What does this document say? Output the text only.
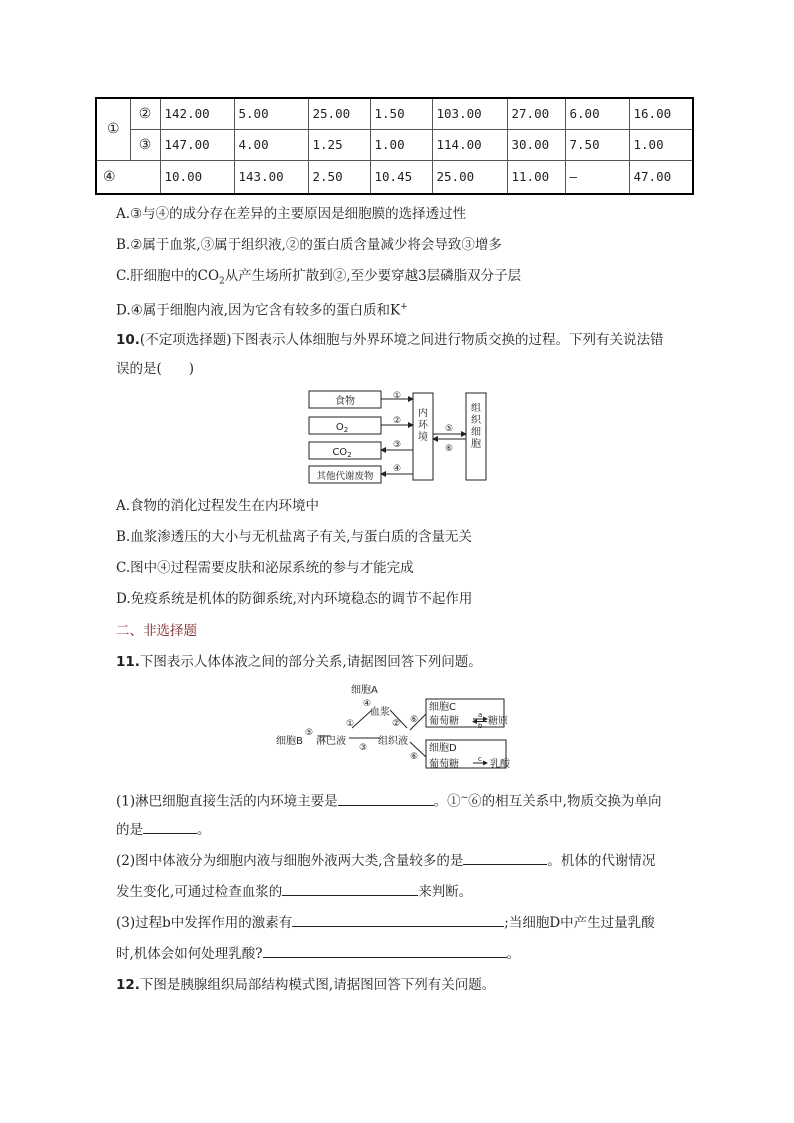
①	②	142.00	5.00	25.00	1.50	103.00	27.00	6.00	16.00
	③	147.00	4.00	1.25	1.00	114.00	30.00	7.50	1.00
④		10.00	143.00	2.50	10.45	25.00	11.00	–	47.00
A.③与④的成分存在差异的主要原因是细胞膜的选择透过性
B.②属于血浆,③属于组织液,②的蛋白质含量减少将会导致③增多
C.肝细胞中的$CO_2$从产生场所扩散到②,至少要穿越3层磷脂双分子层
D.④属于细胞内液,因为它含有较多的蛋白质和K+
10.(不定项选择题)下图表示人体细胞与外界环境之间进行物质交换的过程。下列有关说法错
误的是(　　)
食物
$O_2$
$CO_2$
其他代谢废物
①
②
③
④
⑤
⑥
内环境
组织细胞
A.食物的消化过程发生在内环境中
B.血浆渗透压的大小与无机盐离子有关,与蛋白质的含量无关
C.图中④过程需要皮肤和泌尿系统的参与才能完成
D.免疫系统是机体的防御系统,对内环境稳态的调节不起作用
二、非选择题
11.下图表示人体体液之间的部分关系,请据图回答下列问题。
细胞A
④
血浆
①	②
细胞B
⑤
淋巴液
③
组织液
⑥
⑥
细胞C
葡萄糖
a
b 糖原
细胞D
葡萄糖	c 乳酸
(1)淋巴细胞直接生活的内环境主要是	。①~⑥的相互关系中,物质交换为单向
的是	。
(2)图中体液分为细胞内液与细胞外液两大类,含量较多的是	。机体的代谢情况
发生变化,可通过检查血浆的	来判断。
(3)过程b中发挥作用的激素有	;当细胞D中产生过量乳酸
时,机体会如何处理乳酸?	。
12.下图是胰腺组织局部结构模式图,请据图回答下列有关问题。
